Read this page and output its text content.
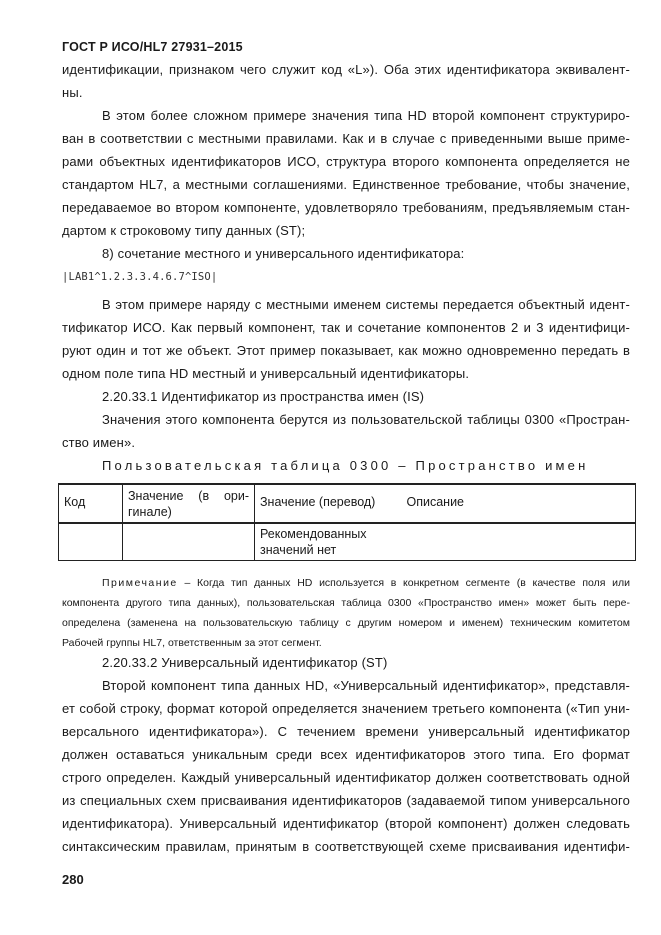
ГОСТ Р ИСО/HL7 27931–2015
идентификации, признаком чего служит код «L»). Оба этих идентификатора эквивалент-
ны.
В этом более сложном примере значения типа HD второй компонент структуриро-
ван в соответствии с местными правилами. Как и в случае с приведенными выше приме-
рами объектных идентификаторов ИСО, структура второго компонента определяется не
стандартом HL7, а местными соглашениями. Единственное требование, чтобы значение,
передаваемое во втором компоненте, удовлетворяло требованиям, предъявляемым стан-
дартом к строковому типу данных (ST);
8) сочетание местного и универсального идентификатора:
|LAB1^1.2.3.3.4.6.7^ISO|
В этом примере наряду с местными именем системы передается объектный идент-
тификатор ИСО. Как первый компонент, так и сочетание компонентов 2 и 3 идентифици-
руют один и тот же объект. Этот пример показывает, как можно одновременно передать в
одном поле типа HD местный и универсальный идентификаторы.
2.20.33.1 Идентификатор из пространства имен (IS)
Значения этого компонента берутся из пользовательской таблицы 0300 «Простран-
ство имен».
Пользовательская таблица 0300 – Пространство имен
Код	Значение (в ори-
гинале)	Значение (перевод)	Описание

		Рекомендованных
значений нет	

Примечание – Когда тип данных HD используется в конкретном сегменте (в качестве поля или
компонента другого типа данных), пользовательская таблица 0300 «Пространство имен» может быть пере-
определена (заменена на пользовательскую таблицу с другим номером и именем) техническим комитетом
Рабочей группы HL7, ответственным за этот сегмент.
2.20.33.2 Универсальный идентификатор (ST)
Второй компонент типа данных HD, «Универсальный идентификатор», представля-
ет собой строку, формат которой определяется значением третьего компонента («Тип уни-
версального идентификатора»). С течением времени универсальный идентификатор
должен оставаться уникальным среди всех идентификаторов этого типа. Его формат
строго определен. Каждый универсальный идентификатор должен соответствовать одной
из специальных схем присваивания идентификаторов (задаваемой типом универсального
идентификатора). Универсальный идентификатор (второй компонент) должен следовать
синтаксическим правилам, принятым в соответствующей схеме присваивания идентифи-
280
